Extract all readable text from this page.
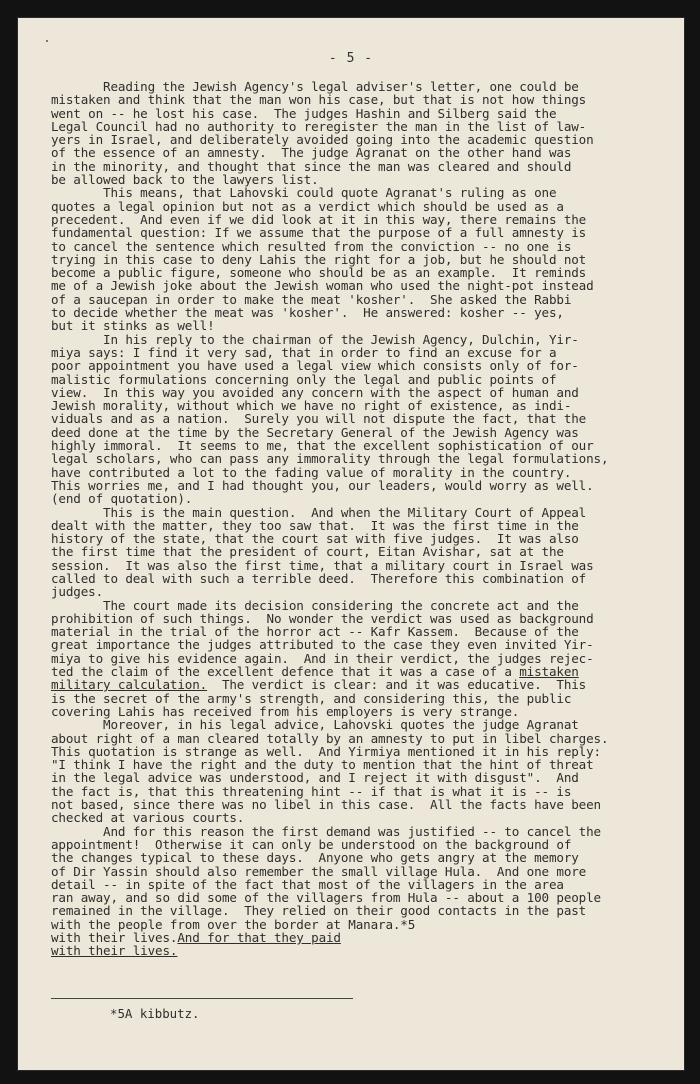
- 5 -
Reading the Jewish Agency's legal adviser's letter, one could be
mistaken and think that the man won his case, but that is not how things
went on -- he lost his case.  The judges Hashin and Silberg said the
Legal Council had no authority to reregister the man in the list of law-
yers in Israel, and deliberately avoided going into the academic question
of the essence of an amnesty.  The judge Agranat on the other hand was
in the minority, and thought that since the man was cleared and should
be allowed back to the lawyers list.
This means, that Lahovski could quote Agranat's ruling as one
quotes a legal opinion but not as a verdict which should be used as a
precedent.  And even if we did look at it in this way, there remains the
fundamental question: If we assume that the purpose of a full amnesty is
to cancel the sentence which resulted from the conviction -- no one is
trying in this case to deny Lahis the right for a job, but he should not
become a public figure, someone who should be as an example.  It reminds
me of a Jewish joke about the Jewish woman who used the night-pot instead
of a saucepan in order to make the meat 'kosher'.  She asked the Rabbi
to decide whether the meat was 'kosher'.  He answered: kosher -- yes,
but it stinks as well!
In his reply to the chairman of the Jewish Agency, Dulchin, Yir-
miya says: I find it very sad, that in order to find an excuse for a
poor appointment you have used a legal view which consists only of for-
malistic formulations concerning only the legal and public points of
view.  In this way you avoided any concern with the aspect of human and
Jewish morality, without which we have no right of existence, as indi-
viduals and as a nation.  Surely you will not dispute the fact, that the
deed done at the time by the Secretary General of the Jewish Agency was
highly immoral.  It seems to me, that the excellent sophistication of our
legal scholars, who can pass any immorality through the legal formulations,
have contributed a lot to the fading value of morality in the country.
This worries me, and I had thought you, our leaders, would worry as well.
(end of quotation).
This is the main question.  And when the Military Court of Appeal
dealt with the matter, they too saw that.  It was the first time in the
history of the state, that the court sat with five judges.  It was also
the first time that the president of court, Eitan Avishar, sat at the
session.  It was also the first time, that a military court in Israel was
called to deal with such a terrible deed.  Therefore this combination of
judges.
The court made its decision considering the concrete act and the
prohibition of such things.  No wonder the verdict was used as background
material in the trial of the horror act -- Kafr Kassem.  Because of the
great importance the judges attributed to the case they even invited Yir-
miya to give his evidence again.  And in their verdict, the judges rejec-
ted the claim of the excellent defence that it was a case of a mistaken
military calculation.  The verdict is clear: and it was educative.  This
is the secret of the army's strength, and considering this, the public
covering Lahis has received from his employers is very strange.
Moreover, in his legal advice, Lahovski quotes the judge Agranat
about right of a man cleared totally by an amnesty to put in libel charges.
This quotation is strange as well.  And Yirmiya mentioned it in his reply:
"I think I have the right and the duty to mention that the hint of threat
in the legal advice was understood, and I reject it with disgust".  And
the fact is, that this threatening hint -- if that is what it is -- is
not based, since there was no libel in this case.  All the facts have been
checked at various courts.
And for this reason the first demand was justified -- to cancel the
appointment!  Otherwise it can only be understood on the background of
the changes typical to these days.  Anyone who gets angry at the memory
of Dir Yassin should also remember the small village Hula.  And one more
detail -- in spite of the fact that most of the villagers in the area
ran away, and so did some of the villagers from Hula -- about a 100 people
remained in the village.  They relied on their good contacts in the past
with the people from over the border at Manara.*5
with their lives.And for that they paid
with their lives.
*5A kibbutz.
